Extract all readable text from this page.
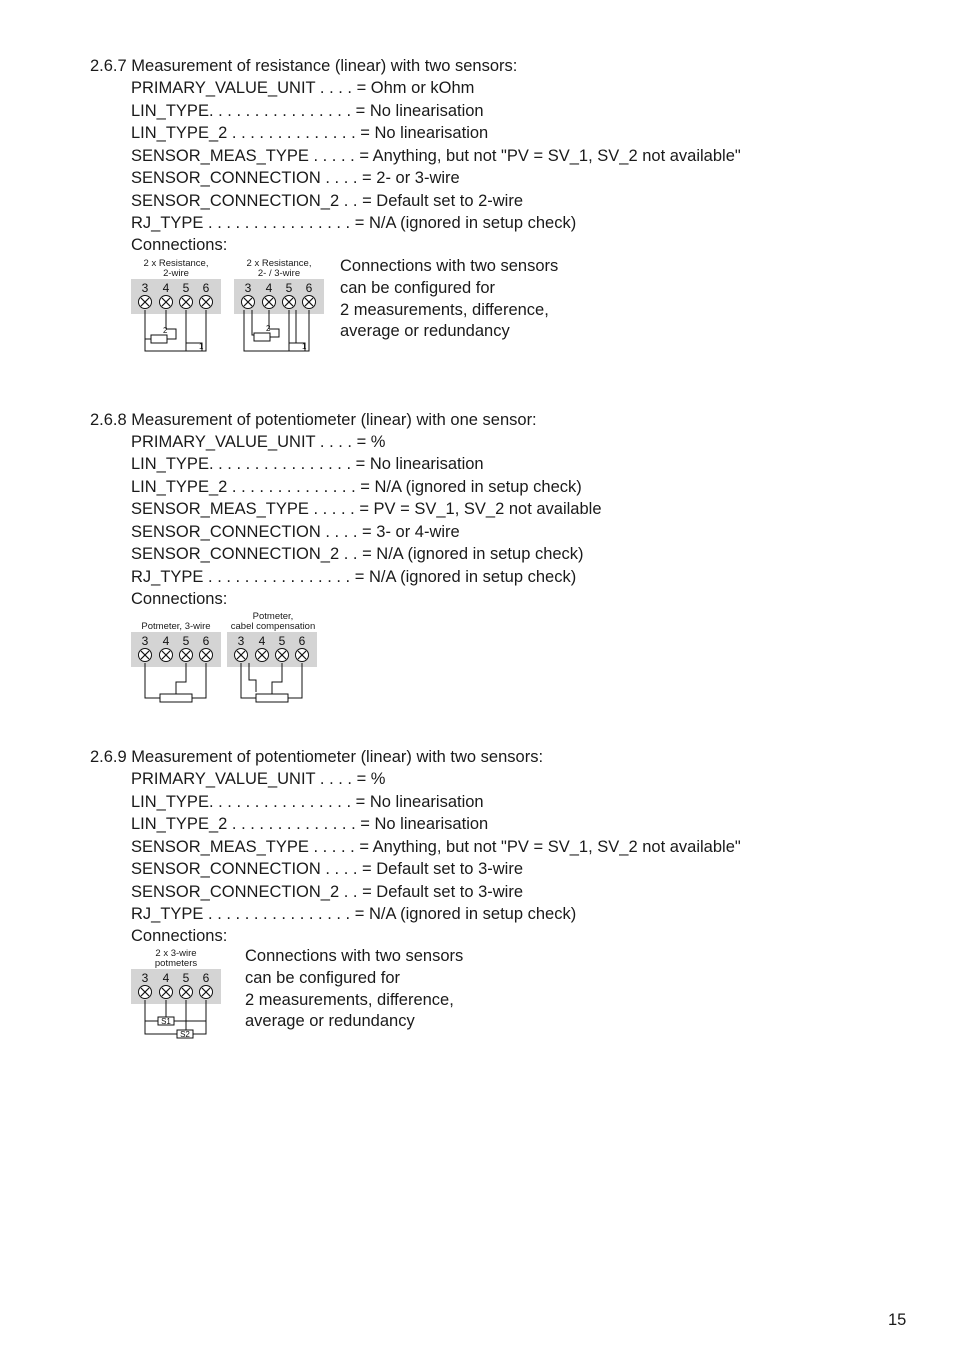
2.6.7 Measurement of resistance (linear) with two sensors:
PRIMARY_VALUE_UNIT . . . . = Ohm or kOhm
LIN_TYPE. . . . . . . . . . . . . . . . = No linearisation
LIN_TYPE_2 . . . . . . . . . . . . . . = No linearisation
SENSOR_MEAS_TYPE . . . . . = Anything, but not "PV = SV_1, SV_2 not available"
SENSOR_CONNECTION . . . . = 2- or 3-wire
SENSOR_CONNECTION_2 . . = Default set to 2-wire
RJ_TYPE . . . . . . . . . . . . . . . . = N/A (ignored in setup check)
Connections:
2 x Resistance,
2-wire
3 4 5 6
2
1
2 x Resistance,
2- / 3-wire
3 4 5 6
2
1
Connections with two sensors
can be configured for
2 measurements, difference,
average or redundancy
2.6.8 Measurement of potentiometer (linear) with one sensor:
PRIMARY_VALUE_UNIT . . . . = %
LIN_TYPE. . . . . . . . . . . . . . . . = No linearisation
LIN_TYPE_2 . . . . . . . . . . . . . . = N/A (ignored in setup check)
SENSOR_MEAS_TYPE . . . . . = PV = SV_1, SV_2 not available
SENSOR_CONNECTION . . . . = 3- or 4-wire
SENSOR_CONNECTION_2 . . = N/A (ignored in setup check)
RJ_TYPE . . . . . . . . . . . . . . . . = N/A (ignored in setup check)
Connections:

Potmeter, 3-wire
3 4 5 6
Potmeter,
cabel compensation
3 4 5 6
2.6.9 Measurement of potentiometer (linear) with two sensors:
PRIMARY_VALUE_UNIT . . . . = %
LIN_TYPE. . . . . . . . . . . . . . . . = No linearisation
LIN_TYPE_2 . . . . . . . . . . . . . . = No linearisation
SENSOR_MEAS_TYPE . . . . . = Anything, but not "PV = SV_1, SV_2 not available"
SENSOR_CONNECTION . . . . = Default set to 3-wire
SENSOR_CONNECTION_2 . . = Default set to 3-wire
RJ_TYPE . . . . . . . . . . . . . . . . = N/A (ignored in setup check)
Connections:
2 x 3-wire
potmeters
3 4 5 6
S1
S2
Connections with two sensors
can be configured for
2 measurements, difference,
average or redundancy
15
